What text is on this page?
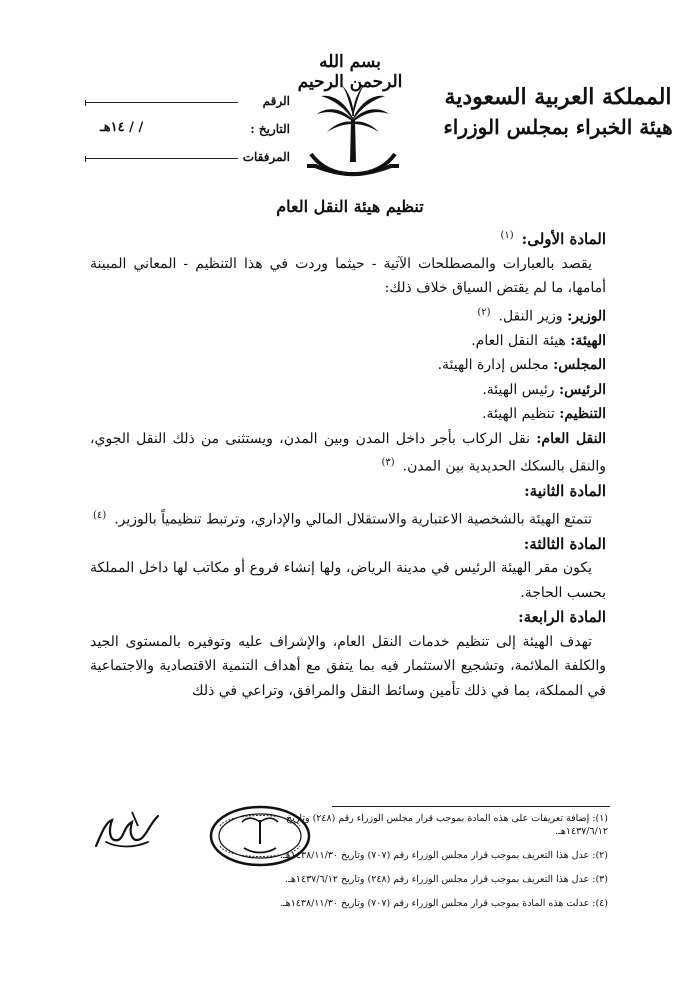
بسم الله الرحمن الرحيم
المملكة العربية السعودية
هيئة الخبراء بمجلس الوزراء
الرقم
التاريخ :
/ / ١٤هـ
المرفقات
تنظيم هيئة النقل العام

المادة الأولى:$^{(١)}$

يقصد بالعبارات والمصطلحات الآتية - حيثما وردت في هذا التنظيم - المعاني المبينة أمامها، ما لم يقتض السياق خلاف ذلك:

الوزير: وزير النقل.$^{(٢)}$

الهيئة: هيئة النقل العام.

المجلس: مجلس إدارة الهيئة.

الرئيس: رئيس الهيئة.

التنظيم: تنظيم الهيئة.

النقل العام: نقل الركاب بأجر داخل المدن وبين المدن، ويستثنى من ذلك النقل الجوي، والنقل بالسكك الحديدية بين المدن.$^{(٣)}$

المادة الثانية:

تتمتع الهيئة بالشخصية الاعتبارية والاستقلال المالي والإداري، وترتبط تنظيمياً بالوزير.$^{(٤)}$

المادة الثالثة:

يكون مقر الهيئة الرئيس في مدينة الرياض، ولها إنشاء فروع أو مكاتب لها داخل المملكة بحسب الحاجة.

المادة الرابعة:

تهدف الهيئة إلى تنظيم خدمات النقل العام، والإشراف عليه وتوفيره بالمستوى الجيد والكلفة الملائمة، وتشجيع الاستثمار فيه بما يتفق مع أهداف التنمية الاقتصادية والاجتماعية في المملكة، بما في ذلك تأمين وسائط النقل والمرافق، وتراعي في ذلك

(١): إضافة تعريفات على هذه المادة بموجب قرار مجلس الوزراء رقم (٢٤٨) وتاريخ ١٤٣٧/٦/١٢هـ.

(٢): عدل هذا التعريف بموجب قرار مجلس الوزراء رقم (٧٠٧) وتاريخ ١٤٣٨/١١/٣٠هـ.

(٣): عدل هذا التعريف بموجب قرار مجلس الوزراء رقم (٢٤٨) وتاريخ ١٤٣٧/٦/١٢هـ.

(٤): عدلت هذه المادة بموجب قرار مجلس الوزراء رقم (٧٠٧) وتاريخ ١٤٣٨/١١/٣٠هـ.
